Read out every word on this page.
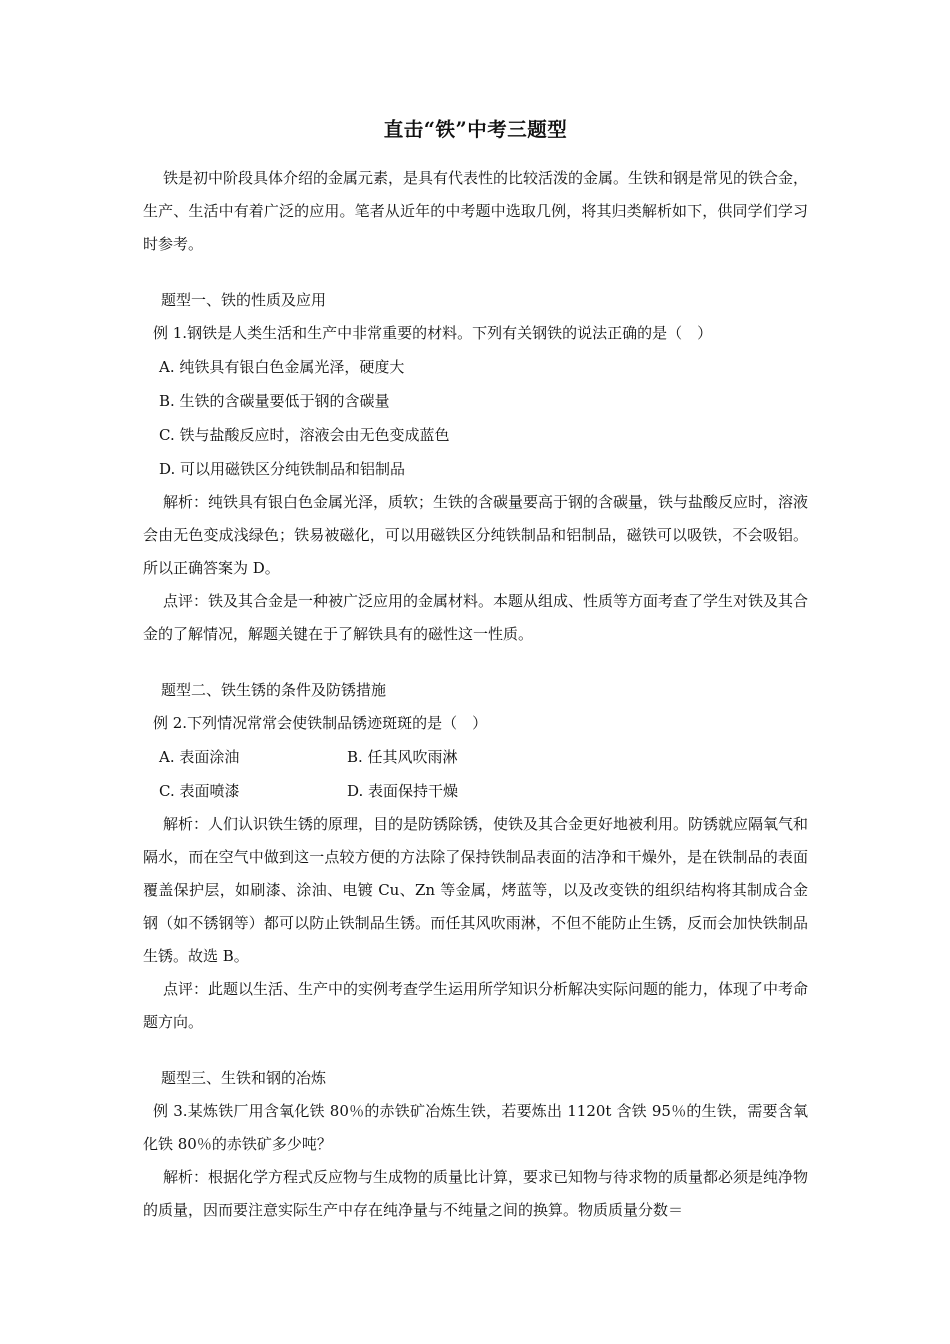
直击“铁”中考三题型

铁是初中阶段具体介绍的金属元素，是具有代表性的比较活泼的金属。生铁和钢是常见的铁合金，生产、生活中有着广泛的应用。笔者从近年的中考题中选取几例，将其归类解析如下，供同学们学习时参考。

题型一、铁的性质及应用

例 1.钢铁是人类生活和生产中非常重要的材料。下列有关钢铁的说法正确的是（　）

A. 纯铁具有银白色金属光泽，硬度大

B. 生铁的含碳量要低于钢的含碳量

C. 铁与盐酸反应时，溶液会由无色变成蓝色

D. 可以用磁铁区分纯铁制品和铝制品

解析：纯铁具有银白色金属光泽，质软；生铁的含碳量要高于钢的含碳量，铁与盐酸反应时，溶液会由无色变成浅绿色；铁易被磁化，可以用磁铁区分纯铁制品和铝制品，磁铁可以吸铁，不会吸铝。所以正确答案为 D。

点评：铁及其合金是一种被广泛应用的金属材料。本题从组成、性质等方面考查了学生对铁及其合金的了解情况，解题关键在于了解铁具有的磁性这一性质。

题型二、铁生锈的条件及防锈措施

例 2.下列情况常常会使铁制品锈迹斑斑的是（　）

A. 表面涂油	B. 任其风吹雨淋
C. 表面喷漆	D. 表面保持干燥

解析：人们认识铁生锈的原理，目的是防锈除锈，使铁及其合金更好地被利用。防锈就应隔氧气和隔水，而在空气中做到这一点较方便的方法除了保持铁制品表面的洁净和干燥外，是在铁制品的表面覆盖保护层，如刷漆、涂油、电镀 Cu、Zn 等金属，烤蓝等，以及改变铁的组织结构将其制成合金钢（如不锈钢等）都可以防止铁制品生锈。而任其风吹雨淋，不但不能防止生锈，反而会加快铁制品生锈。故选 B。

点评：此题以生活、生产中的实例考查学生运用所学知识分析解决实际问题的能力，体现了中考命题方向。

题型三、生铁和钢的冶炼

例 3.某炼铁厂用含氧化铁 80％的赤铁矿冶炼生铁，若要炼出 1120t 含铁 95％的生铁，需要含氧化铁 80％的赤铁矿多少吨？

解析：根据化学方程式反应物与生成物的质量比计算，要求已知物与待求物的质量都必须是纯净物的质量，因而要注意实际生产中存在纯净量与不纯量之间的换算。物质质量分数＝
